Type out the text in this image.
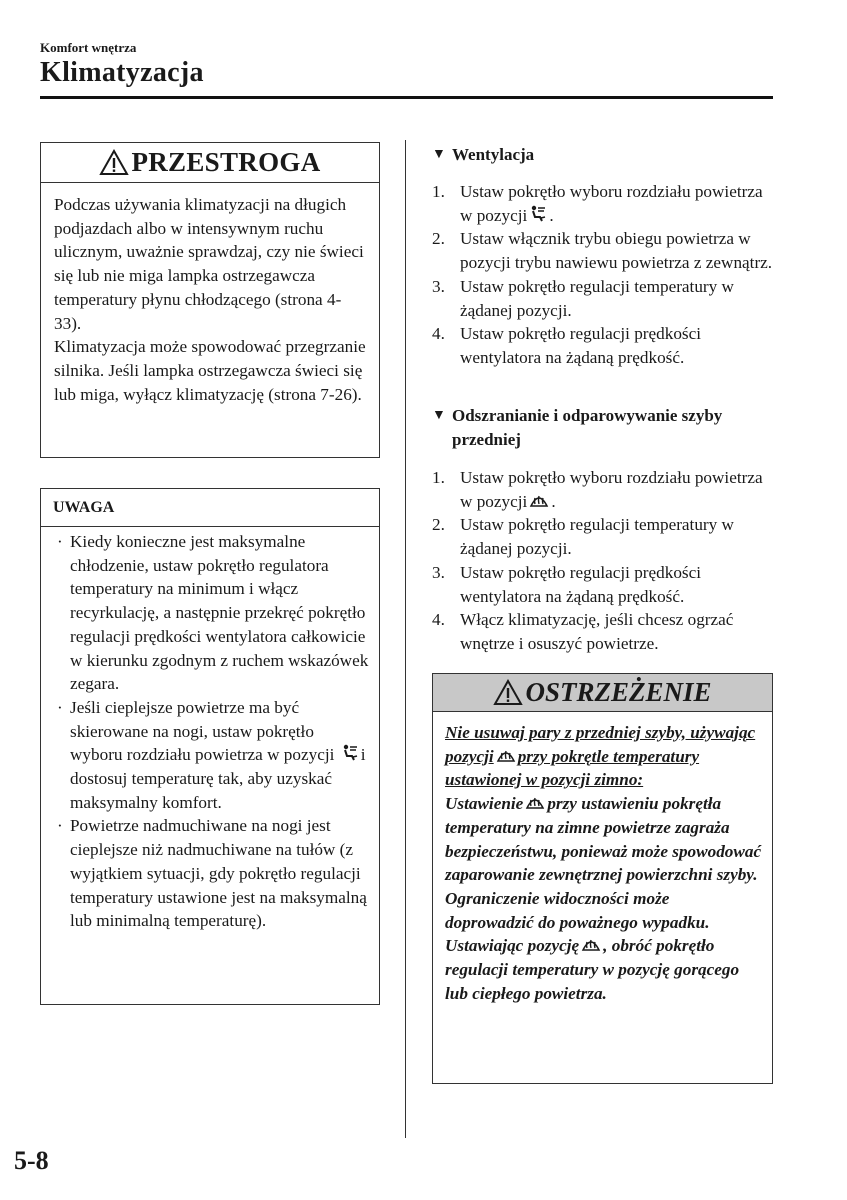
Komfort wnętrza
Klimatyzacja
PRZESTROGA
Podczas używania klimatyzacji na długich podjazdach albo w intensywnym ruchu ulicznym, uważnie sprawdzaj, czy nie świeci się lub nie miga lampka ostrzegawcza temperatury płynu chłodzącego (strona 4-33).
Klimatyzacja może spowodować przegrzanie silnika. Jeśli lampka ostrzegawcza świeci się lub miga, wyłącz klimatyzację (strona 7-26).
UWAGA
· Kiedy konieczne jest maksymalne chłodzenie, ustaw pokrętło regulatora temperatury na minimum i włącz recyrkulację, a następnie przekręć pokrętło regulacji prędkości wentylatora całkowicie w kierunku zgodnym z ruchem wskazówek zegara.
· Jeśli cieplejsze powietrze ma być skierowane na nogi, ustaw pokrętło wyboru rozdziału powietrza w pozycji i dostosuj temperaturę tak, aby uzyskać maksymalny komfort.
· Powietrze nadmuchiwane na nogi jest cieplejsze niż nadmuchiwane na tułów (z wyjątkiem sytuacji, gdy pokrętło regulacji temperatury ustawione jest na maksymalną lub minimalną temperaturę).
▼ Wentylacja
1. Ustaw pokrętło wyboru rozdziału powietrza w pozycji .
2. Ustaw włącznik trybu obiegu powietrza w pozycji trybu nawiewu powietrza z zewnątrz.
3. Ustaw pokrętło regulacji temperatury w żądanej pozycji.
4. Ustaw pokrętło regulacji prędkości wentylatora na żądaną prędkość.
▼ Odszranianie i odparowywanie szyby przedniej
1. Ustaw pokrętło wyboru rozdziału powietrza w pozycji .
2. Ustaw pokrętło regulacji temperatury w żądanej pozycji.
3. Ustaw pokrętło regulacji prędkości wentylatora na żądaną prędkość.
4. Włącz klimatyzację, jeśli chcesz ogrzać wnętrze i osuszyć powietrze.
OSTRZEŻENIE
Nie usuwaj pary z przedniej szyby, używając pozycji przy pokrętle temperatury ustawionej w pozycji zimno:
Ustawienie przy ustawieniu pokrętła temperatury na zimne powietrze zagraża bezpieczeństwu, ponieważ może spowodować zaparowanie zewnętrznej powierzchni szyby. Ograniczenie widoczności może doprowadzić do poważnego wypadku. Ustawiając pozycję , obróć pokrętło regulacji temperatury w pozycję gorącego lub ciepłego powietrza.
5-8
